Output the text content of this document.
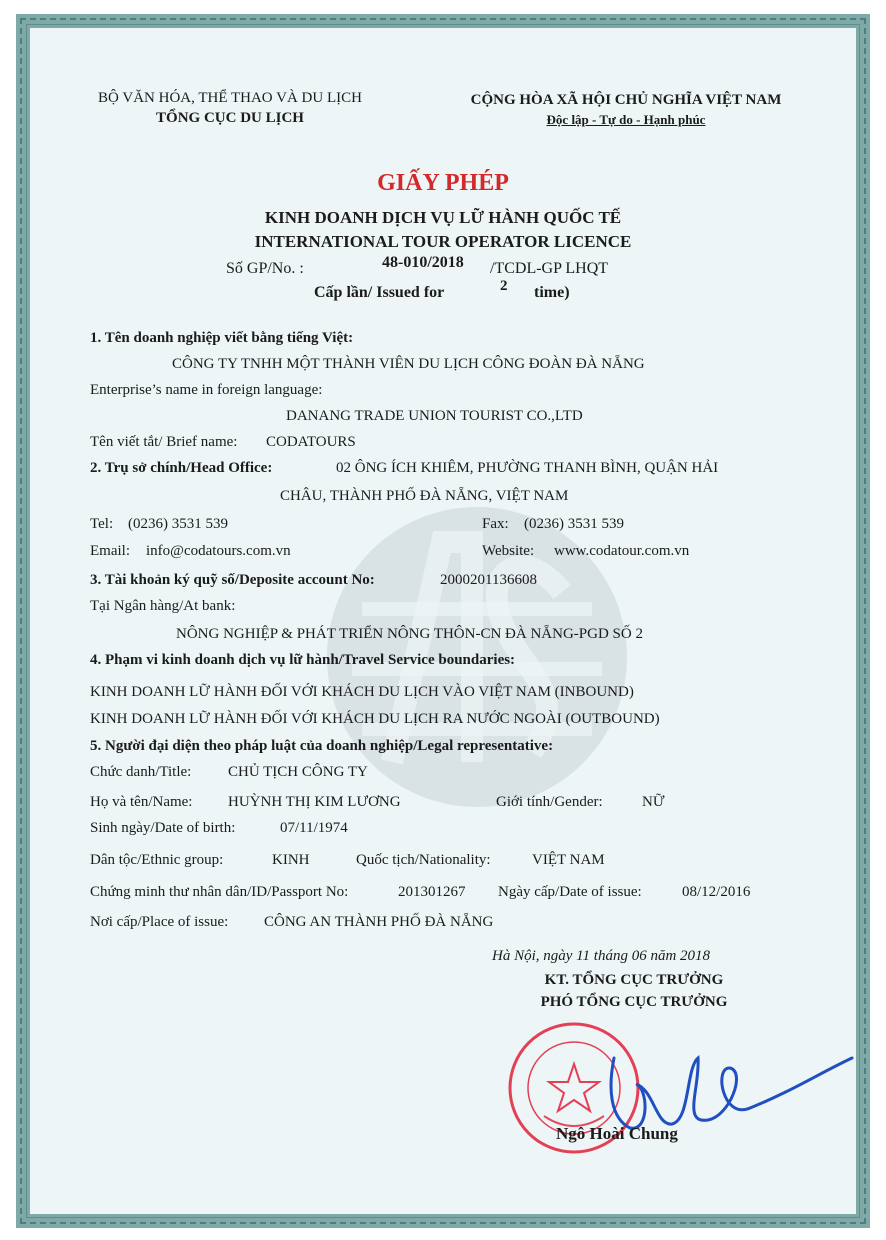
BỘ VĂN HÓA, THỂ THAO VÀ DU LỊCH
TỔNG CỤC DU LỊCH
CỘNG HÒA XÃ HỘI CHỦ NGHĨA VIỆT NAM
Độc lập - Tự do - Hạnh phúc
GIẤY PHÉP
KINH DOANH DỊCH VỤ LỮ HÀNH QUỐC TẾ
INTERNATIONAL TOUR OPERATOR LICENCE
Số GP/No. :	48-010/2018 /TCDL-GP LHQT
Cấp lần/ Issued for	2 time)
1. Tên doanh nghiệp viết bằng tiếng Việt:
CÔNG TY TNHH MỘT THÀNH VIÊN DU LỊCH CÔNG ĐOÀN ĐÀ NẴNG
Enterprise’s name in foreign language:
DANANG TRADE UNION TOURIST CO.,LTD
Tên viết tắt/ Brief name: CODATOURS
2. Trụ sở chính/Head Office:	02 ÔNG ÍCH KHIÊM, PHƯỜNG THANH BÌNH, QUẬN HẢI
CHÂU, THÀNH PHỐ ĐÀ NẴNG, VIỆT NAM
Tel: (0236) 3531 539	Fax: (0236) 3531 539
Email: info@codatours.com.vn	Website: www.codatour.com.vn
3. Tài khoản ký quỹ số/Deposite account No:	2000201136608
Tại Ngân hàng/At bank:
NÔNG NGHIỆP & PHÁT TRIỂN NÔNG THÔN-CN ĐÀ NẴNG-PGD SỐ 2
4. Phạm vi kinh doanh dịch vụ lữ hành/Travel Service boundaries:
KINH DOANH LỮ HÀNH ĐỐI VỚI KHÁCH DU LỊCH VÀO VIỆT NAM (INBOUND)
KINH DOANH LỮ HÀNH ĐỐI VỚI KHÁCH DU LỊCH RA NƯỚC NGOÀI (OUTBOUND)
5. Người đại diện theo pháp luật của doanh nghiệp/Legal representative:
Chức danh/Title: CHỦ TỊCH CÔNG TY
Họ và tên/Name: HUỲNH THỊ KIM LƯƠNG	Giới tính/Gender:	NỮ
Sinh ngày/Date of birth:	07/11/1974
Dân tộc/Ethnic group:	KINH	Quốc tịch/Nationality:	VIỆT NAM
Chứng minh thư nhân dân/ID/Passport No:	201301267 Ngày cấp/Date of issue:	08/12/2016
Nơi cấp/Place of issue: CÔNG AN THÀNH PHỐ ĐÀ NẴNG
Hà Nội, ngày 11 tháng 06 năm 2018
KT. TỔNG CỤC TRƯỞNG
PHÓ TỔNG CỤC TRƯỞNG
Ngô Hoài Chung
